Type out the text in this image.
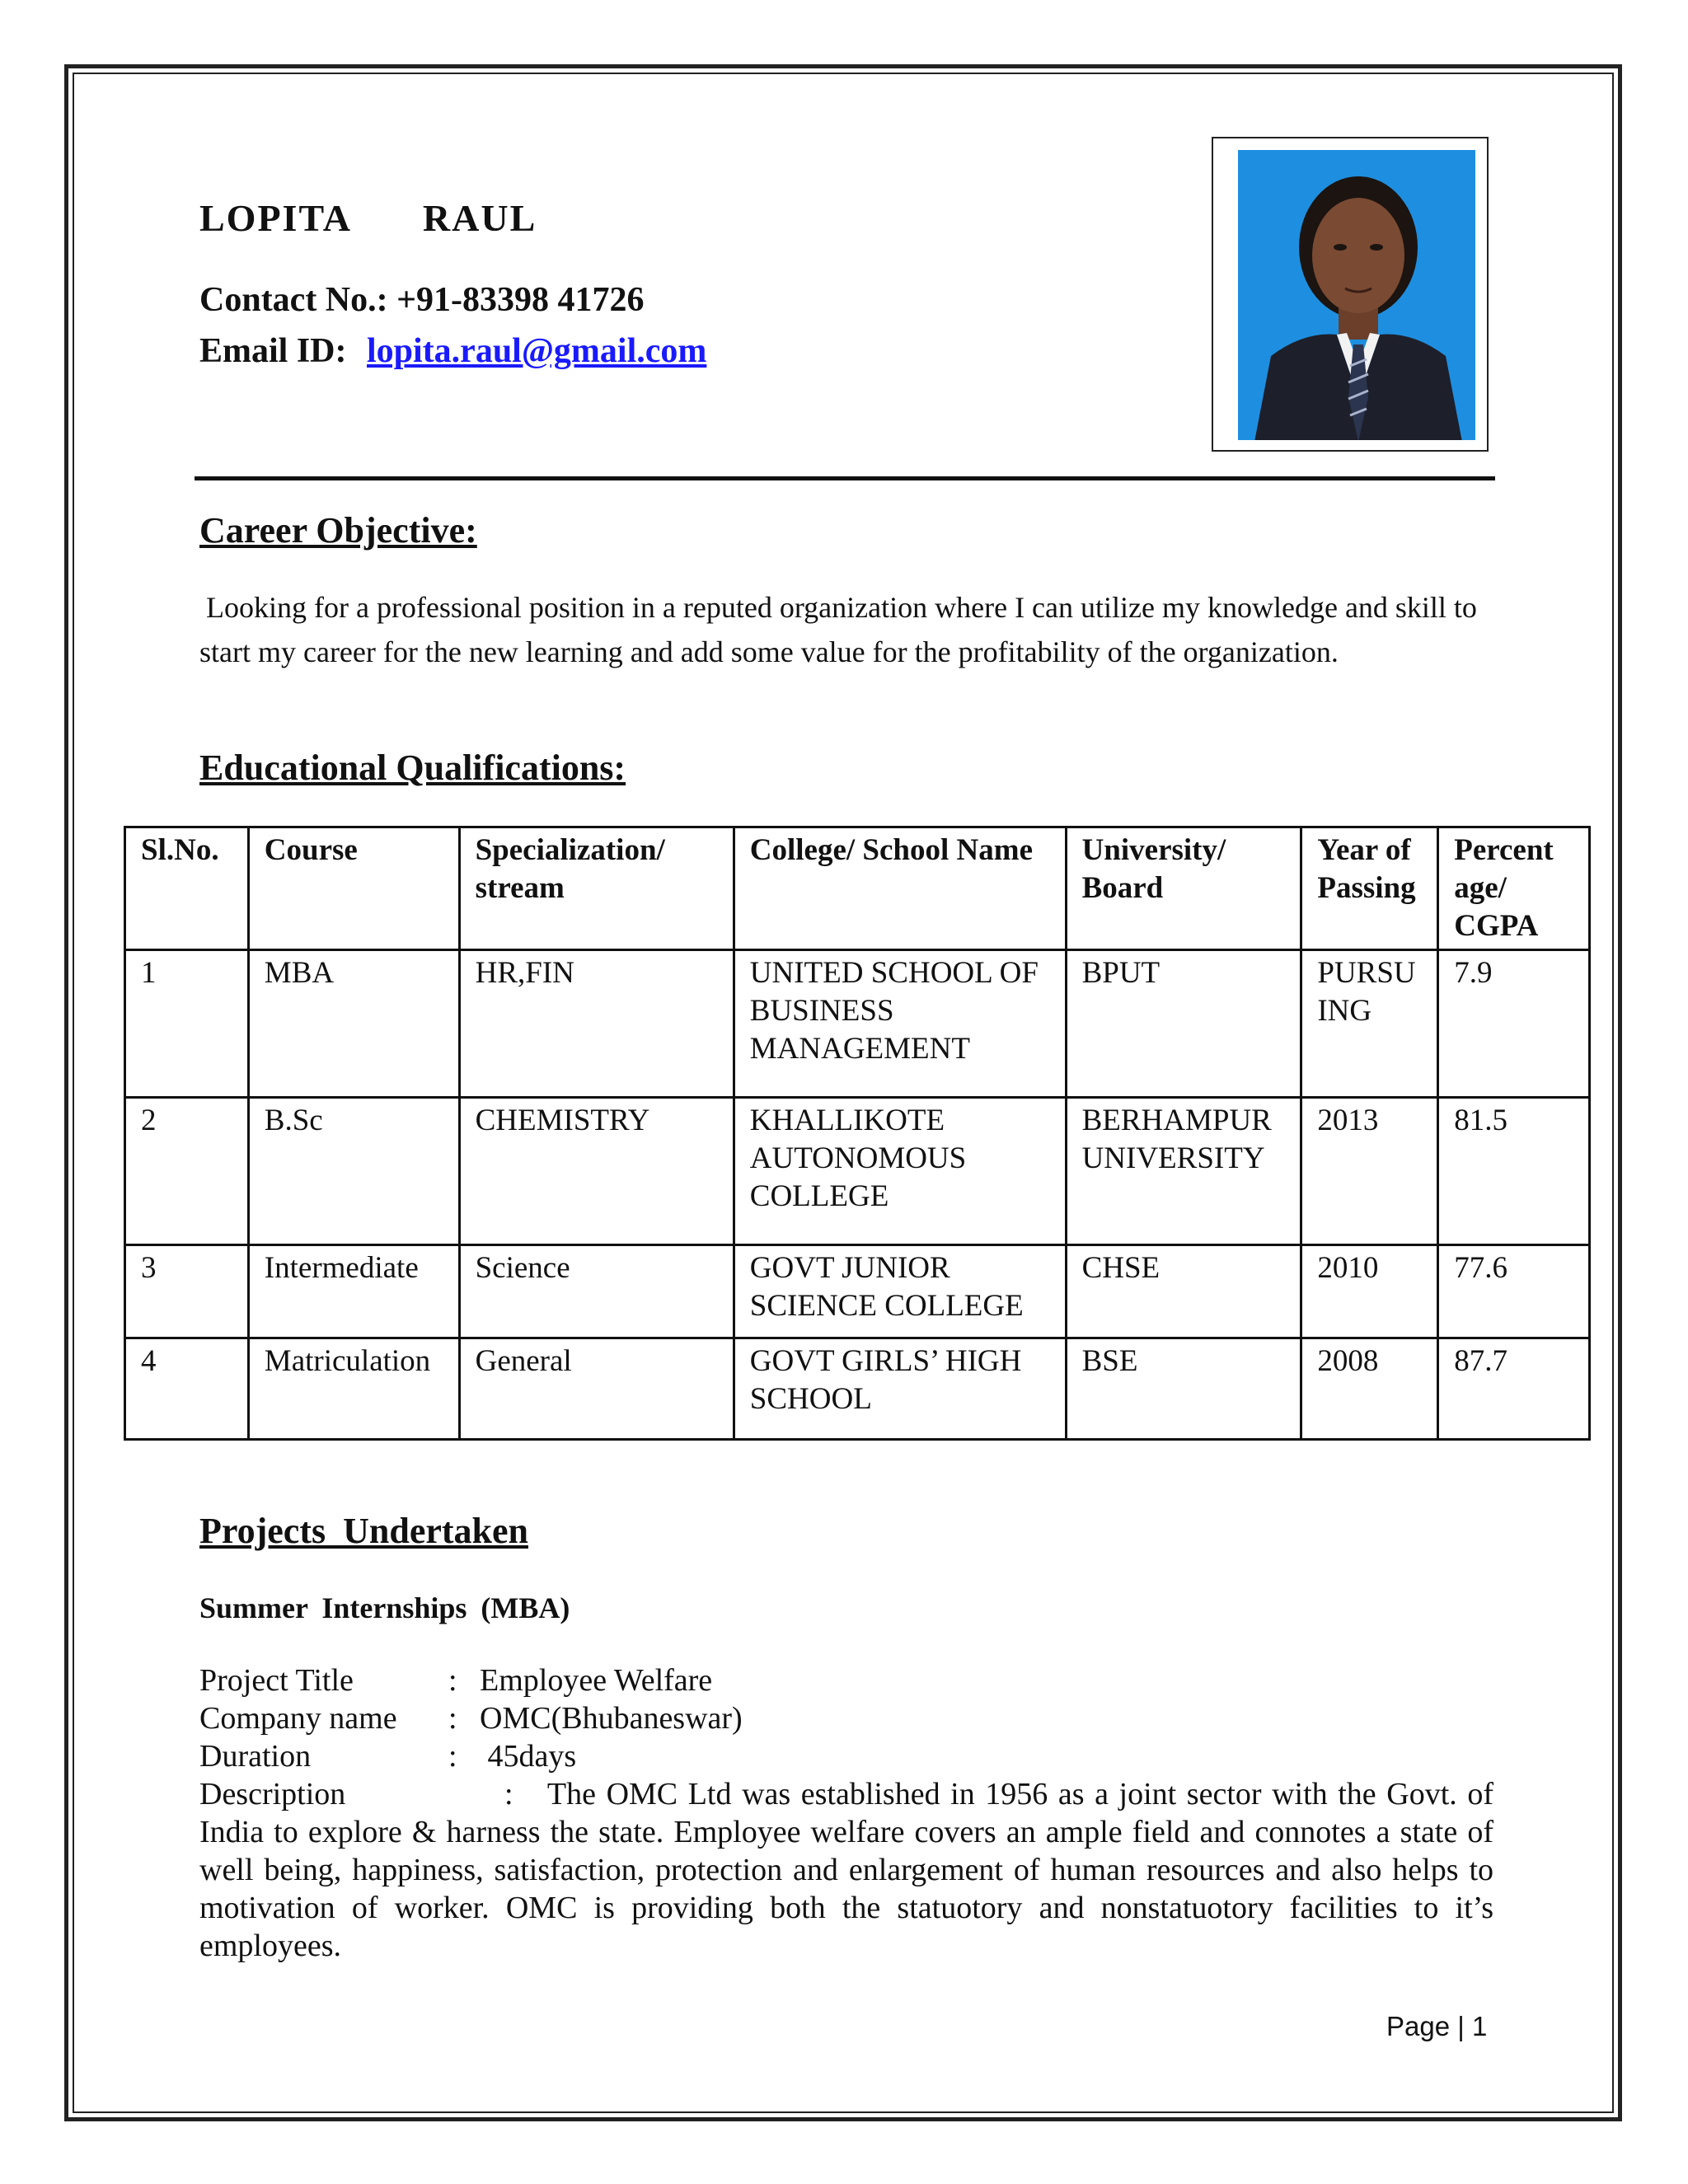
LOPITA   RAUL
Contact No.: +91-83398 41726
Email ID: lopita.raul@gmail.com
Career Objective:
Looking for a professional position in a reputed organization where I can utilize my knowledge and skill to start my career for the new learning and add some value for the profitability of the organization.
Educational Qualifications:
Sl.No.	Course	Specialization/ stream	College/ School Name	University/ Board	Year of Passing	Percent age/ CGPA
1	MBA	HR,FIN	UNITED SCHOOL OF BUSINESS MANAGEMENT	BPUT	PURSU ING	7.9
2	B.Sc	CHEMISTRY	KHALLIKOTE AUTONOMOUS COLLEGE	BERHAMPUR UNIVERSITY	2013	81.5
3	Intermediate	Science	GOVT JUNIOR SCIENCE COLLEGE	CHSE	2010	77.6
4	Matriculation	General	GOVT GIRLS’ HIGH SCHOOL	BSE	2008	87.7
Projects Undertaken
Summer Internships (MBA)
Project Title	: Employee Welfare
Company name : OMC(Bhubaneswar)
Duration	: 45days
Description	: The OMC Ltd was established in 1956 as a joint sector with the Govt. of India to explore & harness the state. Employee welfare covers an ample field and connotes a state of well being, happiness, satisfaction, protection and enlargement of human resources and also helps to motivation of worker. OMC is providing both the statuotory and nonstatuotory facilities to it’s employees.
Page | 1
